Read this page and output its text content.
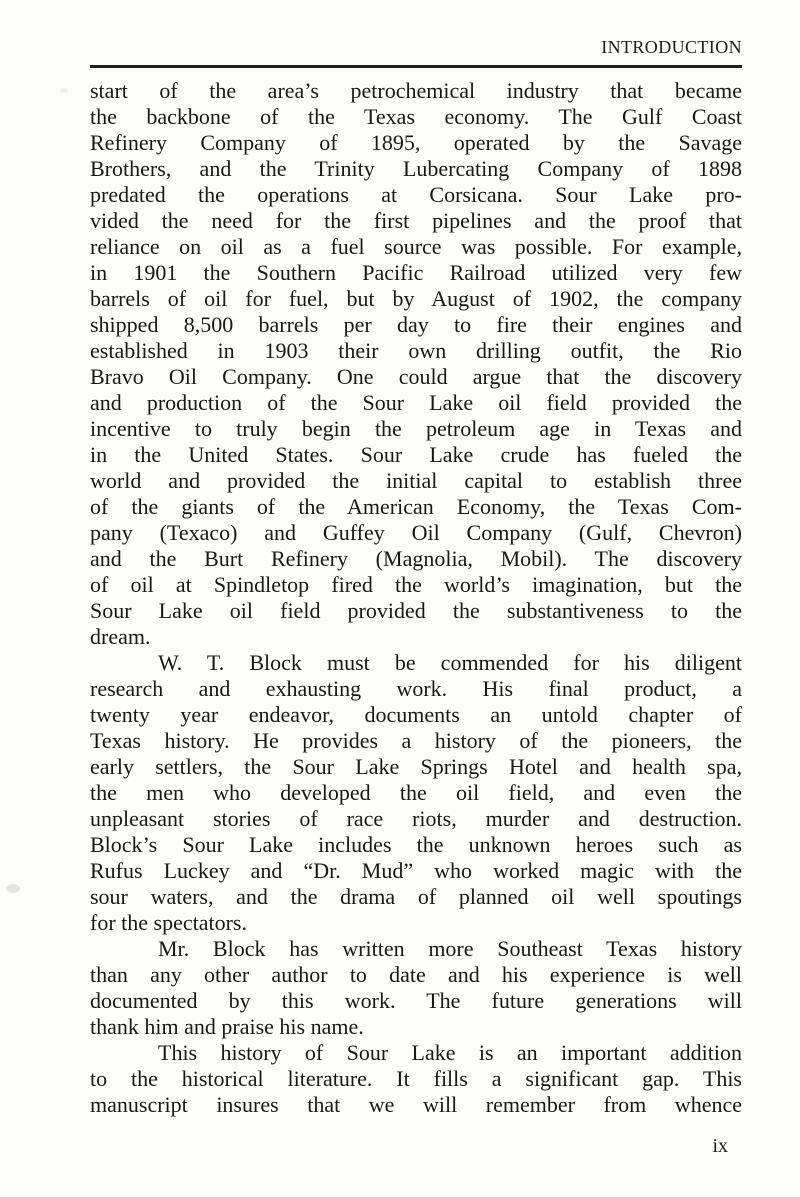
INTRODUCTION
start of the area’s petrochemical industry that became
the backbone of the Texas economy. The Gulf Coast
Refinery Company of 1895, operated by the Savage
Brothers, and the Trinity Lubercating Company of 1898
predated the operations at Corsicana. Sour Lake pro-
vided the need for the first pipelines and the proof that
reliance on oil as a fuel source was possible. For example,
in 1901 the Southern Pacific Railroad utilized very few
barrels of oil for fuel, but by August of 1902, the company
shipped 8,500 barrels per day to fire their engines and
established in 1903 their own drilling outfit, the Rio
Bravo Oil Company. One could argue that the discovery
and production of the Sour Lake oil field provided the
incentive to truly begin the petroleum age in Texas and
in the United States. Sour Lake crude has fueled the
world and provided the initial capital to establish three
of the giants of the American Economy, the Texas Com-
pany (Texaco) and Guffey Oil Company (Gulf, Chevron)
and the Burt Refinery (Magnolia, Mobil). The discovery
of oil at Spindletop fired the world’s imagination, but the
Sour Lake oil field provided the substantiveness to the
dream.
W. T. Block must be commended for his diligent
research and exhausting work. His final product, a
twenty year endeavor, documents an untold chapter of
Texas history. He provides a history of the pioneers, the
early settlers, the Sour Lake Springs Hotel and health spa,
the men who developed the oil field, and even the
unpleasant stories of race riots, murder and destruction.
Block’s Sour Lake includes the unknown heroes such as
Rufus Luckey and “Dr. Mud” who worked magic with the
sour waters, and the drama of planned oil well spoutings
for the spectators.
Mr. Block has written more Southeast Texas history
than any other author to date and his experience is well
documented by this work. The future generations will
thank him and praise his name.
This history of Sour Lake is an important addition
to the historical literature. It fills a significant gap. This
manuscript insures that we will remember from whence
ix
